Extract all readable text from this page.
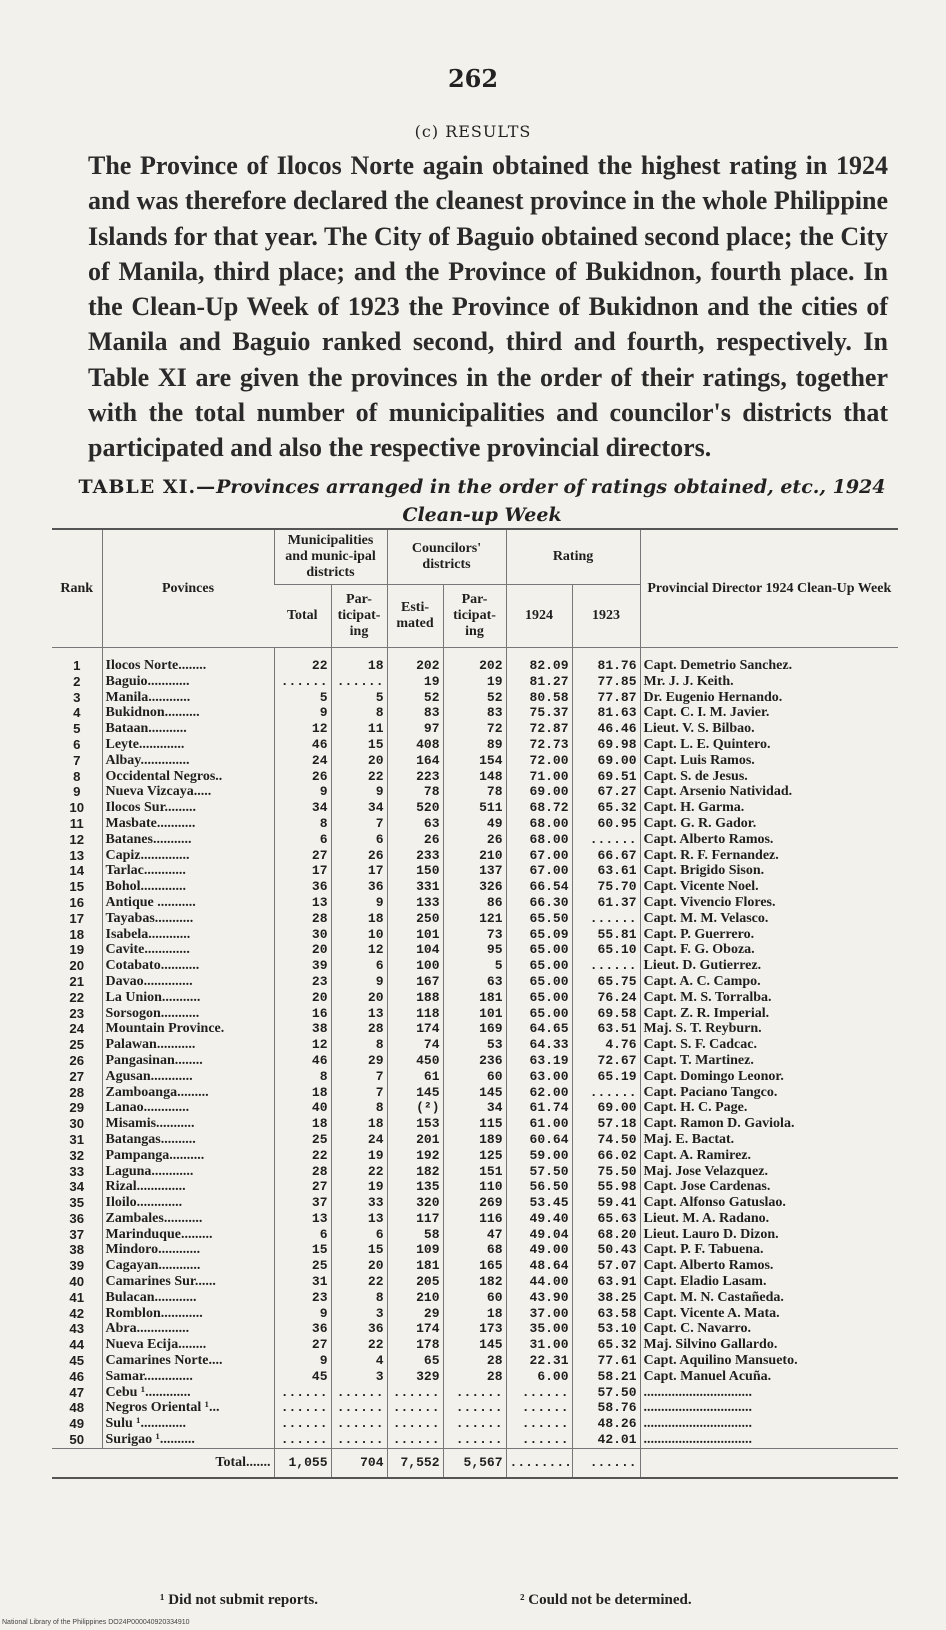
262
(c) RESULTS

The Province of Ilocos Norte again obtained the highest rating in 1924 and was therefore declared the cleanest province in the whole Philippine Islands for that year. The City of Baguio obtained second place; the City of Manila, third place; and the Province of Bukidnon, fourth place. In the Clean-Up Week of 1923 the Province of Bukidnon and the cities of Manila and Baguio ranked second, third and fourth, respectively. In Table XI are given the provinces in the order of their ratings, together with the total number of municipalities and councilor's districts that participated and also the respective provincial directors.

TABLE XI.—Provinces arranged in the order of ratings obtained, etc., 1924 Clean-up Week
Rank	Povinces	Municipalities and munic-ipal districts		Councilors' districts		Rating		Provincial Director 1924 Clean-Up Week
		Total	Par-ticipat-ing	Esti-mated	Par-ticipat-ing	1924	1923	
1	Ilocos Norte........	22	18	202	202	82.09	81.76	Capt. Demetrio Sanchez.
2	Baguio............	......	......	19	19	81.27	77.85	Mr. J. J. Keith.
3	Manila............	5	5	52	52	80.58	77.87	Dr. Eugenio Hernando.
4	Bukidnon..........	9	8	83	83	75.37	81.63	Capt. C. I. M. Javier.
5	Bataan...........	12	11	97	72	72.87	46.46	Lieut. V. S. Bilbao.
6	Leyte.............	46	15	408	89	72.73	69.98	Capt. L. E. Quintero.
7	Albay..............	24	20	164	154	72.00	69.00	Capt. Luis Ramos.
8	Occidental Negros..	26	22	223	148	71.00	69.51	Capt. S. de Jesus.
9	Nueva Vizcaya.....	9	9	78	78	69.00	67.27	Capt. Arsenio Natividad.
10	Ilocos Sur.........	34	34	520	511	68.72	65.32	Capt. H. Garma.
11	Masbate...........	8	7	63	49	68.00	60.95	Capt. G. R. Gador.
12	Batanes...........	6	6	26	26	68.00	......	Capt. Alberto Ramos.
13	Capiz..............	27	26	233	210	67.00	66.67	Capt. R. F. Fernandez.
14	Tarlac............	17	17	150	137	67.00	63.61	Capt. Brigido Sison.
15	Bohol.............	36	36	331	326	66.54	75.70	Capt. Vicente Noel.
16	Antique ...........	13	9	133	86	66.30	61.37	Capt. Vivencio Flores.
17	Tayabas...........	28	18	250	121	65.50	......	Capt. M. M. Velasco.
18	Isabela............	30	10	101	73	65.09	55.81	Capt. P. Guerrero.
19	Cavite.............	20	12	104	95	65.00	65.10	Capt. F. G. Oboza.
20	Cotabato...........	39	6	100	5	65.00	......	Lieut. D. Gutierrez.
21	Davao..............	23	9	167	63	65.00	65.75	Capt. A. C. Campo.
22	La Union...........	20	20	188	181	65.00	76.24	Capt. M. S. Torralba.
23	Sorsogon...........	16	13	118	101	65.00	69.58	Capt. Z. R. Imperial.
24	Mountain Province.	38	28	174	169	64.65	63.51	Maj. S. T. Reyburn.
25	Palawan...........	12	8	74	53	64.33	4.76	Capt. S. F. Cadcac.
26	Pangasinan........	46	29	450	236	63.19	72.67	Capt. T. Martinez.
27	Agusan............	8	7	61	60	63.00	65.19	Capt. Domingo Leonor.
28	Zamboanga.........	18	7	145	145	62.00	......	Capt. Paciano Tangco.
29	Lanao.............	40	8	(²)	34	61.74	69.00	Capt. H. C. Page.
30	Misamis...........	18	18	153	115	61.00	57.18	Capt. Ramon D. Gaviola.
31	Batangas..........	25	24	201	189	60.64	74.50	Maj. E. Bactat.
32	Pampanga..........	22	19	192	125	59.00	66.02	Capt. A. Ramirez.
33	Laguna............	28	22	182	151	57.50	75.50	Maj. Jose Velazquez.
34	Rizal..............	27	19	135	110	56.50	55.98	Capt. Jose Cardenas.
35	Iloilo.............	37	33	320	269	53.45	59.41	Capt. Alfonso Gatuslao.
36	Zambales...........	13	13	117	116	49.40	65.63	Lieut. M. A. Radano.
37	Marinduque.........	6	6	58	47	49.04	68.20	Lieut. Lauro D. Dizon.
38	Mindoro............	15	15	109	68	49.00	50.43	Capt. P. F. Tabuena.
39	Cagayan............	25	20	181	165	48.64	57.07	Capt. Alberto Ramos.
40	Camarines Sur......	31	22	205	182	44.00	63.91	Capt. Eladio Lasam.
41	Bulacan............	23	8	210	60	43.90	38.25	Capt. M. N. Castañeda.
42	Romblon............	9	3	29	18	37.00	63.58	Capt. Vicente A. Mata.
43	Abra...............	36	36	174	173	35.00	53.10	Capt. C. Navarro.
44	Nueva Ecija........	27	22	178	145	31.00	65.32	Maj. Silvino Gallardo.
45	Camarines Norte....	9	4	65	28	22.31	77.61	Capt. Aquilino Mansueto.
46	Samar..............	45	3	329	28	6.00	58.21	Capt. Manuel Acuña.
47	Cebu ¹.............	......	......	......	......	......	57.50	...............................
48	Negros Oriental ¹...	......	......	......	......	......	58.76	...............................
49	Sulu ¹.............	......	......	......	......	......	48.26	...............................
50	Surigao ¹..........	......	......	......	......	......	42.01	...............................
Total.......		1,055	704	7,552	5,567	........	......	
¹ Did not submit reports.	² Could not be determined.
National Library of the Philippines DO24P000040920334910
